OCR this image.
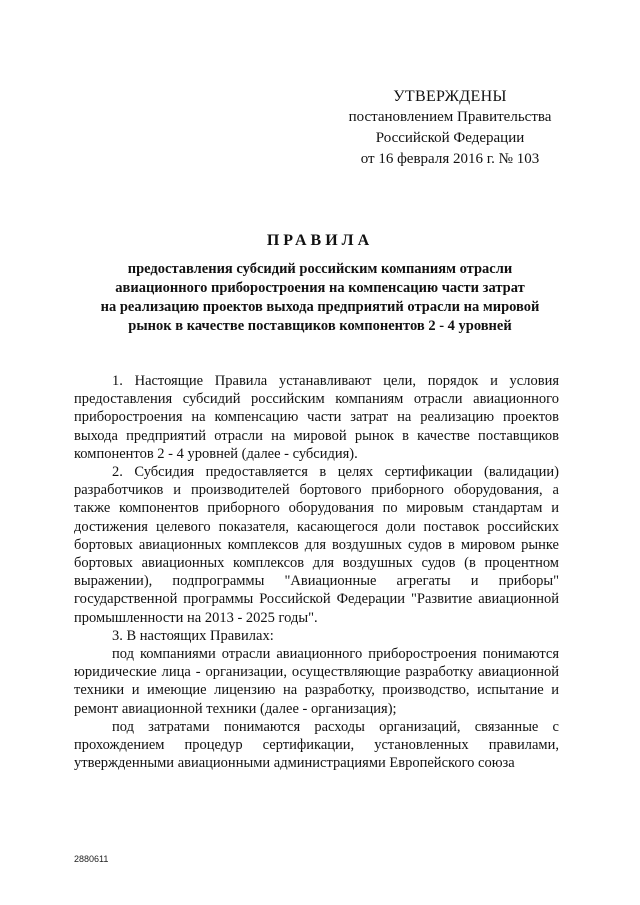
УТВЕРЖДЕНЫ
постановлением Правительства
Российской Федерации
от 16 февраля 2016 г. № 103
ПРАВИЛА
предоставления субсидий российским компаниям отрасли
авиационного приборостроения на компенсацию части затрат
на реализацию проектов выхода предприятий отрасли на мировой
рынок в качестве поставщиков компонентов 2 - 4 уровней

1. Настоящие Правила устанавливают цели, порядок и условия предоставления субсидий российским компаниям отрасли авиационного приборостроения на компенсацию части затрат на реализацию проектов выхода предприятий отрасли на мировой рынок в качестве поставщиков компонентов 2 - 4 уровней (далее - субсидия).

2. Субсидия предоставляется в целях сертификации (валидации) разработчиков и производителей бортового приборного оборудования, а также компонентов приборного оборудования по мировым стандартам и достижения целевого показателя, касающегося доли поставок российских бортовых авиационных комплексов для воздушных судов в мировом рынке бортовых авиационных комплексов для воздушных судов (в процентном выражении), подпрограммы "Авиационные агрегаты и приборы" государственной программы Российской Федерации "Развитие авиационной промышленности на 2013 - 2025 годы".

3. В настоящих Правилах:

под компаниями отрасли авиационного приборостроения понимаются юридические лица - организации, осуществляющие разработку авиационной техники и имеющие лицензию на разработку, производство, испытание и ремонт авиационной техники (далее - организация);

под затратами понимаются расходы организаций, связанные с прохождением процедур сертификации, установленных правилами, утвержденными авиационными администрациями Европейского союза

2880611
